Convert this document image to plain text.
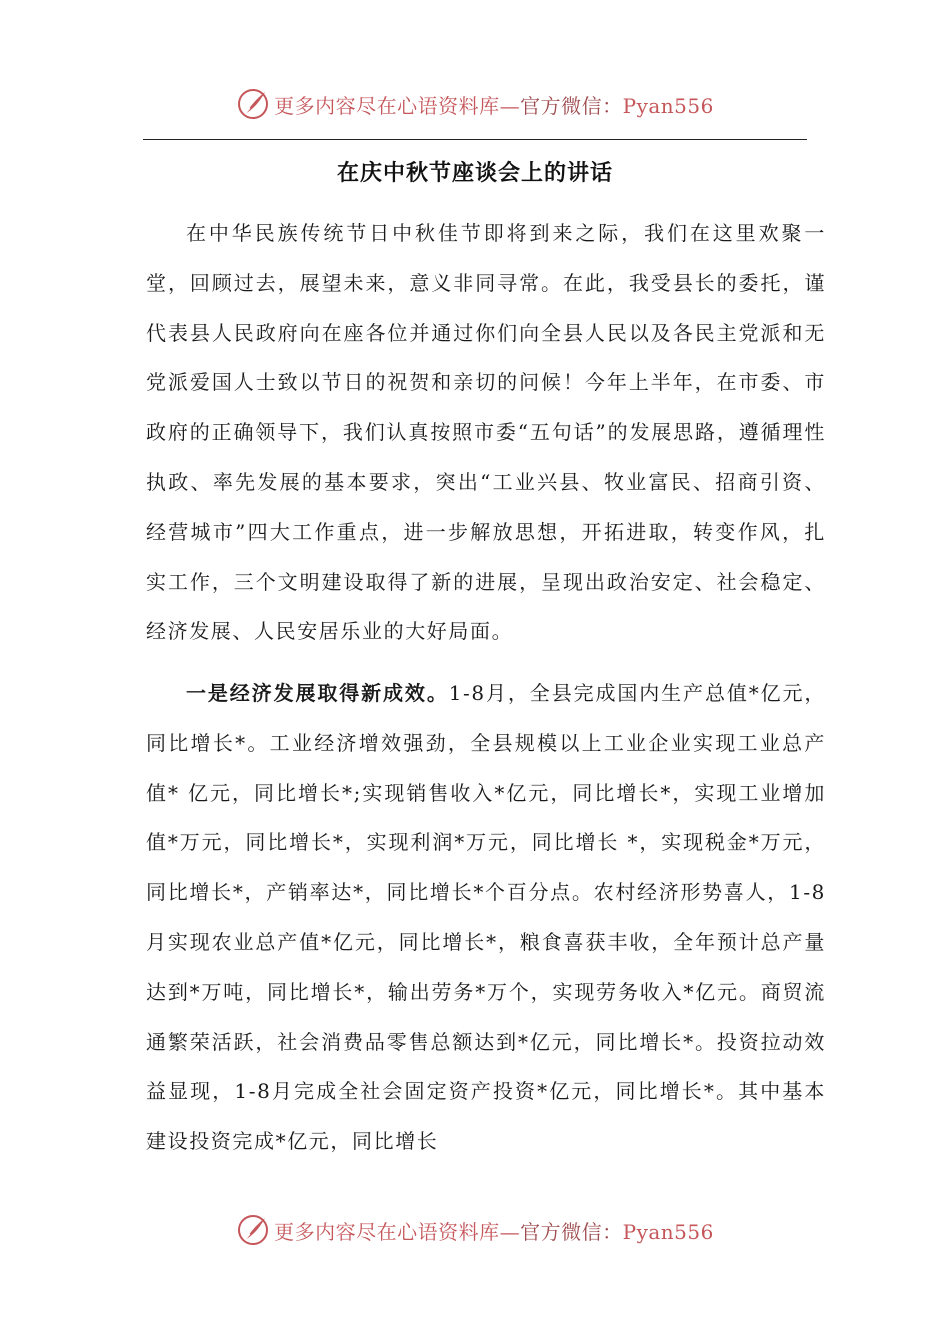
更多内容尽在心语资料库—官方微信：Pyan556
在庆中秋节座谈会上的讲话
在中华民族传统节日中秋佳节即将到来之际，我们在这里欢聚一堂，回顾过去，展望未来，意义非同寻常。在此，我受县长的委托，谨代表县人民政府向在座各位并通过你们向全县人民以及各民主党派和无党派爱国人士致以节日的祝贺和亲切的问候！今年上半年，在市委、市政府的正确领导下，我们认真按照市委“五句话”的发展思路，遵循理性执政、率先发展的基本要求，突出“工业兴县、牧业富民、招商引资、经营城市”四大工作重点，进一步解放思想，开拓进取，转变作风，扎实工作，三个文明建设取得了新的进展，呈现出政治安定、社会稳定、经济发展、人民安居乐业的大好局面。
一是经济发展取得新成效。1-8月，全县完成国内生产总值*亿元，同比增长*。工业经济增效强劲，全县规模以上工业企业实现工业总产值* 亿元，同比增长*;实现销售收入*亿元，同比增长*，实现工业增加值*万元，同比增长*，实现利润*万元，同比增长 *，实现税金*万元，同比增长*，产销率达*，同比增长*个百分点。农村经济形势喜人，1-8月实现农业总产值*亿元，同比增长*，粮食喜获丰收，全年预计总产量达到*万吨，同比增长*，输出劳务*万个，实现劳务收入*亿元。商贸流通繁荣活跃，社会消费品零售总额达到*亿元，同比增长*。投资拉动效益显现，1-8月完成全社会固定资产投资*亿元，同比增长*。其中基本建设投资完成*亿元，同比增长
更多内容尽在心语资料库—官方微信：Pyan556
